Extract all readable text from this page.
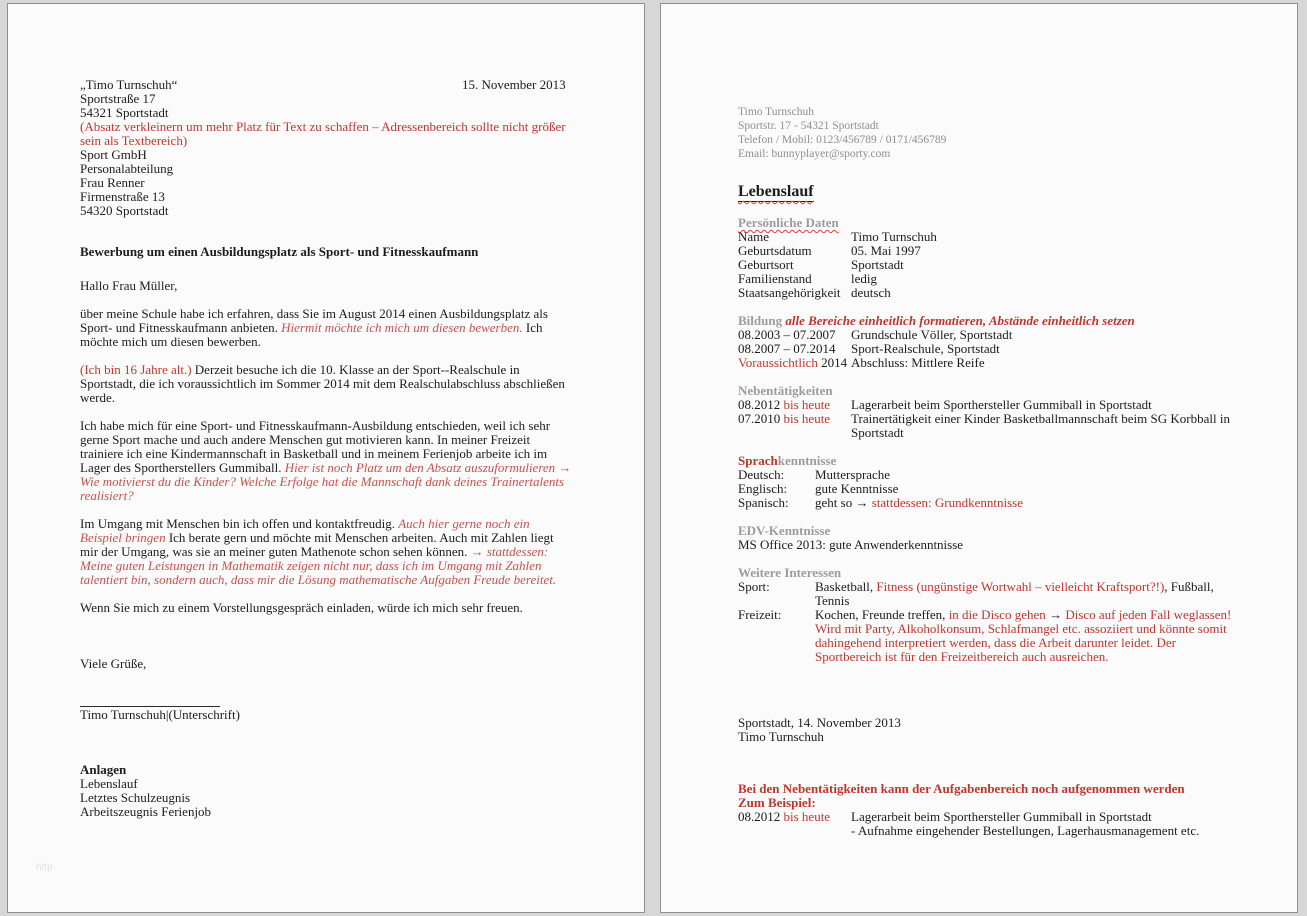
15. November 2013
„Timo Turnschuh“
Sportstraße 17
54321 Sportstadt
(Absatz verkleinern um mehr Platz für Text zu schaffen – Adressenbereich sollte nicht größer sein als Textbereich)
Sport GmbH
Personalabteilung
Frau Renner
Firmenstraße 13
54320 Sportstadt
Bewerbung um einen Ausbildungsplatz als Sport- und Fitnesskaufmann
Hallo Frau Müller,

über meine Schule habe ich erfahren, dass Sie im August 2014 einen Ausbildungsplatz als Sport- und Fitnesskaufmann anbieten. Hiermit möchte ich mich um diesen bewerben. Ich möchte mich um diesen bewerben.

(Ich bin 16 Jahre alt.) Derzeit besuche ich die 10. Klasse an der Sport--Realschule in Sportstadt, die ich voraussichtlich im Sommer 2014 mit dem Realschulabschluss abschließen werde.

Ich habe mich für eine Sport- und Fitnesskaufmann-Ausbildung entschieden, weil ich sehr gerne Sport mache und auch andere Menschen gut motivieren kann. In meiner Freizeit trainiere ich eine Kindermannschaft in Basketball und in meinem Ferienjob arbeite ich im Lager des Sportherstellers Gummiball. Hier ist noch Platz um den Absatz auszuformulieren → Wie motivierst du die Kinder? Welche Erfolge hat die Mannschaft dank deines Trainertalents realisiert?

Im Umgang mit Menschen bin ich offen und kontaktfreudig. Auch hier gerne noch ein Beispiel bringen Ich berate gern und möchte mit Menschen arbeiten. Auch mit Zahlen liegt mir der Umgang, was sie an meiner guten Mathenote schon sehen können. → stattdessen: Meine guten Leistungen in Mathematik zeigen nicht nur, dass ich im Umgang mit Zahlen talentiert bin, sondern auch, dass mir die Lösung mathematische Aufgaben Freude bereitet.

Wenn Sie mich zu einem Vorstellungsgespräch einladen, würde ich mich sehr freuen.

Viele Grüße,
Timo Turnschuh|(Unterschrift)
Anlagen
Lebenslauf
Letztes Schulzeugnis
Arbeitszeugnis Ferienjob
http
Timo Turnschuh
Sportstr. 17 - 54321 Sportstadt
Telefon / Mobil: 0123/456789 / 0171/456789
Email: bunnyplayer@sporty.com
Lebenslauf
Persönliche Daten
Name	Timo Turnschuh
Geburtsdatum	05. Mai 1997
Geburtsort	Sportstadt
Familienstand	ledig
Staatsangehörigkeit deutsch
Bildung alle Bereiche einheitlich formatieren, Abstände einheitlich setzen
08.2003 – 07.2007	Grundschule Völler, Sportstadt
08.2007 – 07.2014	Sport-Realschule, Sportstadt
Voraussichtlich 2014 Abschluss: Mittlere Reife
Nebentätigkeiten
08.2012 bis heute	Lagerarbeit beim Sporthersteller Gummiball in Sportstadt
07.2010 bis heute	Trainertätigkeit einer Kinder Basketballmannschaft beim SG Korbball in Sportstadt
Sprachkenntnisse
Deutsch:	Muttersprache
Englisch:	gute Kenntnisse
Spanisch:	geht so → stattdessen: Grundkenntnisse
EDV-Kenntnisse
MS Office 2013: gute Anwenderkenntnisse
Weitere Interessen
Sport:	Basketball, Fitness (ungünstige Wortwahl – vielleicht Kraftsport?!), Fußball, Tennis
Freizeit:	Kochen, Freunde treffen, in die Disco gehen → Disco auf jeden Fall weglassen! Wird mit Party, Alkoholkonsum, Schlafmangel etc. assoziiert und könnte somit dahingehend interpretiert werden, dass die Arbeit darunter leidet. Der Sportbereich ist für den Freizeitbereich auch ausreichen.
Sportstadt, 14. November 2013
Timo Turnschuh
Bei den Nebentätigkeiten kann der Aufgabenbereich noch aufgenommen werden
Zum Beispiel:
08.2012 bis heute	Lagerarbeit beim Sporthersteller Gummiball in Sportstadt
- Aufnahme eingehender Bestellungen, Lagerhausmanagement etc.
